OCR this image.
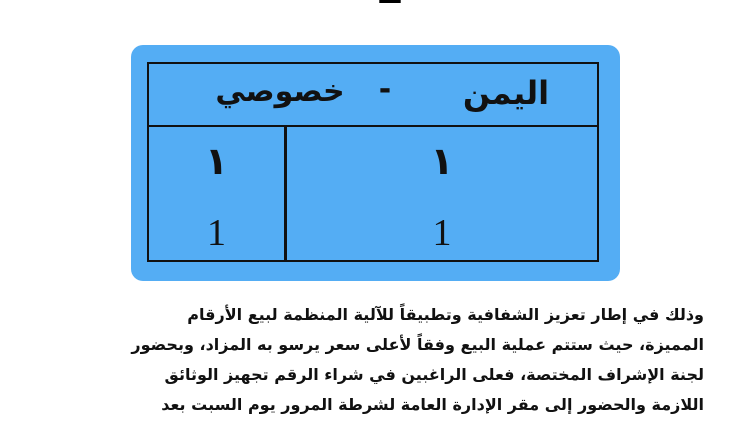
اليمن
-
خصوصي
١
1
١
1
وذلك في إطار تعزيز الشفافية وتطبيقاً للآلية المنظمة لبيع الأرقام
المميزة، حيث ستتم عملية البيع وفقاً لأعلى سعر يرسو به المزاد، وبحضور
لجنة الإشراف المختصة، فعلى الراغبين في شراء الرقم تجهيز الوثائق
اللازمة والحضور إلى مقر الإدارة العامة لشرطة المرور يوم السبت بعد
